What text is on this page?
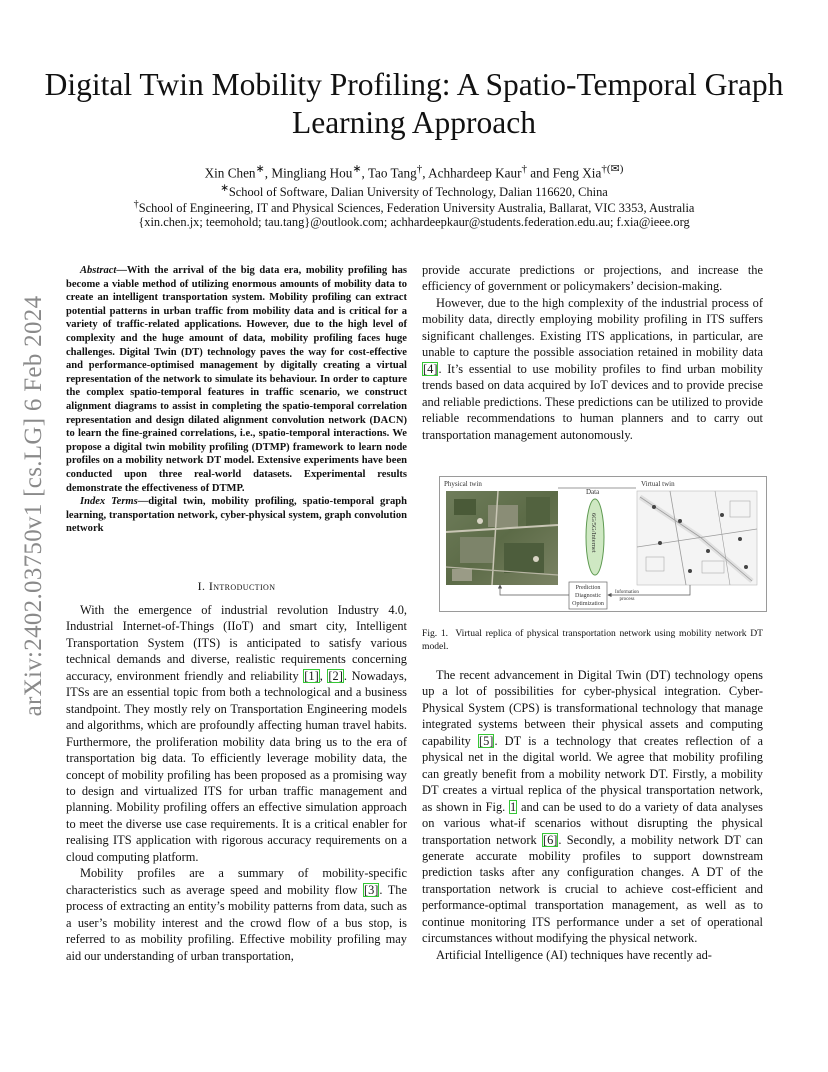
arXiv:2402.03750v1 [cs.LG] 6 Feb 2024
Digital Twin Mobility Profiling: A Spatio-Temporal Graph Learning Approach
Xin Chen∗, Mingliang Hou∗, Tao Tang†, Achhardeep Kaur† and Feng Xia†(✉)
∗School of Software, Dalian University of Technology, Dalian 116620, China
†School of Engineering, IT and Physical Sciences, Federation University Australia, Ballarat, VIC 3353, Australia
{xin.chen.jx; teemohold; tau.tang}@outlook.com; achhardeepkaur@students.federation.edu.au; f.xia@ieee.org

Abstract—With the arrival of the big data era, mobility profiling has become a viable method of utilizing enormous amounts of mobility data to create an intelligent transportation system. Mobility profiling can extract potential patterns in urban traffic from mobility data and is critical for a variety of traffic-related applications. However, due to the high level of complexity and the huge amount of data, mobility profiling faces huge challenges. Digital Twin (DT) technology paves the way for cost-effective and performance-optimised management by digitally creating a virtual representation of the network to simulate its behaviour. In order to capture the complex spatio-temporal features in traffic scenario, we construct alignment diagrams to assist in completing the spatio-temporal correlation representation and design dilated alignment convolution network (DACN) to learn the fine-grained correlations, i.e., spatio-temporal interactions. We propose a digital twin mobility profiling (DTMP) framework to learn node profiles on a mobility network DT model. Extensive experiments have been conducted upon three real-world datasets. Experimental results demonstrate the effectiveness of DTMP.

Index Terms—digital twin, mobility profiling, spatio-temporal graph learning, transportation network, cyber-physical system, graph convolution network

I. Introduction

With the emergence of industrial revolution Industry 4.0, Industrial Internet-of-Things (IIoT) and smart city, Intelligent Transportation System (ITS) is anticipated to satisfy various technical demands and diverse, realistic requirements concerning accuracy, environment friendly and reliability [1], [2]. Nowadays, ITSs are an essential topic from both a technological and a business standpoint. They mostly rely on Transportation Engineering models and algorithms, which are profoundly affecting human travel habits. Furthermore, the proliferation mobility data bring us to the era of transportation big data. To efficiently leverage mobility data, the concept of mobility profiling has been proposed as a promising way to design and virtualized ITS for urban traffic management and planning. Mobility profiling offers an effective simulation approach to meet the diverse use case requirements. It is a critical enabler for realising ITS application with rigorous accuracy requirements on a cloud computing platform.

Mobility profiles are a summary of mobility-specific characteristics such as average speed and mobility flow [3]. The process of extracting an entity’s mobility patterns from data, such as a user’s mobility interest and the crowd flow of a bus stop, is referred to as mobility profiling. Effective mobility profiling may aid our understanding of urban transportation,

provide accurate predictions or projections, and increase the efficiency of government or policymakers’ decision-making.

However, due to the high complexity of the industrial process of mobility data, directly employing mobility profiling in ITS suffers significant challenges. Existing ITS applications, in particular, are unable to capture the possible association retained in mobility data [4]. It’s essential to use mobility profiles to find urban mobility trends based on data acquired by IoT devices and to provide precise and reliable predictions. These predictions can be utilized to provide reliable recommendations to human planners and to carry out transportation management autonomously.

Physical twin
Data
6G/5G/Internet
Virtual twin
Prediction
Diagnostic
Optimization
Information
process
Fig. 1. Virtual replica of physical transportation network using mobility network DT model.

The recent advancement in Digital Twin (DT) technology opens up a lot of possibilities for cyber-physical integration. Cyber-Physical System (CPS) is transformational technology that manage integrated systems between their physical assets and computing capability [5]. DT is a technology that creates reflection of a physical net in the digital world. We agree that mobility profiling can greatly benefit from a mobility network DT. Firstly, a mobility DT creates a virtual replica of the physical transportation network, as shown in Fig. 1 and can be used to do a variety of data analyses on various what-if scenarios without disrupting the physical transportation network [6]. Secondly, a mobility network DT can generate accurate mobility profiles to support downstream prediction tasks after any configuration changes. A DT of the transportation network is crucial to achieve cost-efficient and performance-optimal transportation management, as well as to continue monitoring ITS performance under a set of operational circumstances without modifying the physical network.

Artificial Intelligence (AI) techniques have recently ad-
